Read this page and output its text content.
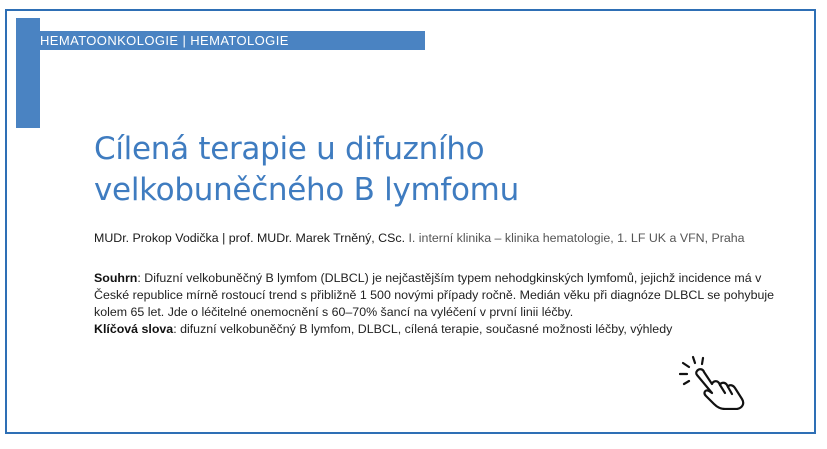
HEMATOONKOLOGIE | HEMATOLOGIE
Cílená terapie u difuzního
velkobuněčného B lymfomu
MUDr. Prokop Vodička | prof. MUDr. Marek Trněný, CSc. I. interní klinika – klinika hematologie, 1. LF UK a VFN, Praha

Souhrn: Difuzní velkobuněčný B lymfom (DLBCL) je nejčastějším typem nehodgkinských lymfomů, jejichž incidence má v České republice mírně rostoucí trend s přibližně 1 500 novými případy ročně. Medián věku při diagnóze DLBCL se pohybuje kolem 65 let. Jde o léčitelné onemocnění s 60–70% šancí na vyléčení v první linii léčby.

Klíčová slova: difuzní velkobuněčný B lymfom, DLBCL, cílená terapie, současné možnosti léčby, výhledy
